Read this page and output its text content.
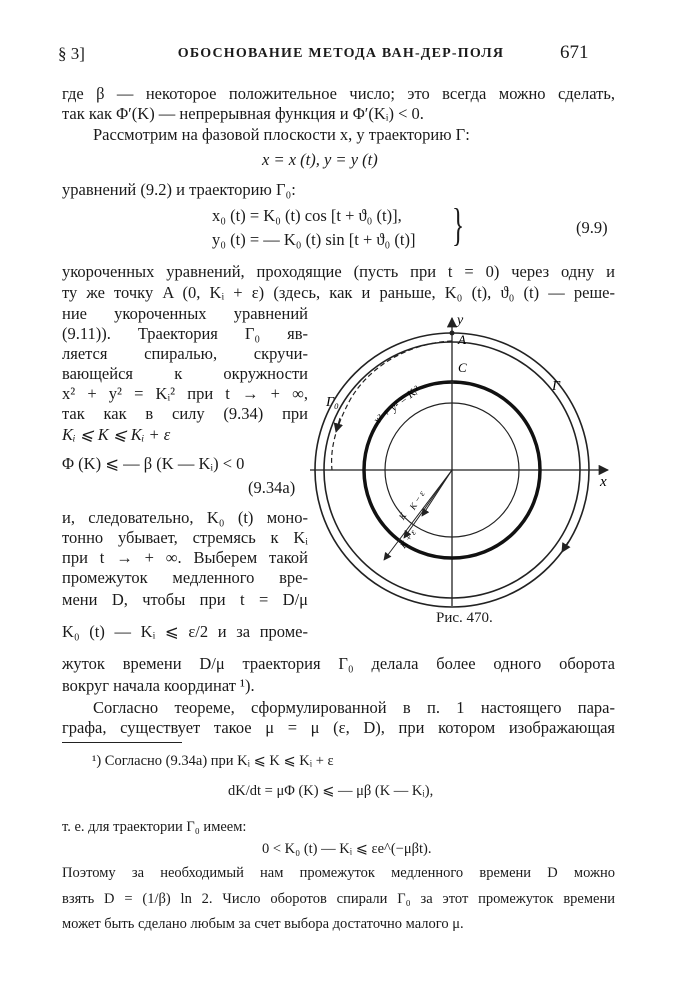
§ 3]	ОБОСНОВАНИЕ МЕТОДА ВАН-ДЕР-ПОЛЯ	671
где β — некоторое положительное число; это всегда можно сделать,
так как Φ′(K) — непрерывная функция и Φ′(Kᵢ) < 0.
Рассмотрим на фазовой плоскости x, y траекторию Γ:
x = x (t), y = y (t)
уравнений (9.2) и траекторию Γ₀:
x₀ (t) = K₀ (t) cos [t + ϑ₀ (t)],
y₀ (t) = — K₀ (t) sin [t + ϑ₀ (t)] }	(9.9)
укороченных уравнений, проходящие (пусть при t = 0) через одну и
ту же точку A (0, Kᵢ + ε) (здесь, как и раньше, K₀ (t), ϑ₀ (t) — реше-
ние укороченных уравнений
(9.11)). Траектория Γ₀ яв-
ляется спиралью, скручи-
вающейся к окружности
x² + y² = Kᵢ² при t → + ∞,
так как в силу (9.34) при
Kᵢ ⩽ K ⩽ Kᵢ + ε
Φ (K) ⩽ — β (K — Kᵢ) < 0
(9.34a)
и, следовательно, K₀ (t) моно-
тонно убывает, стремясь к Kᵢ
при t → + ∞. Выберем такой
промежуток медленного вре-
мени D, чтобы при t = D/μ
K₀ (t) — Kᵢ ⩽ ε/2 и за проме-
жуток времени D/μ траектория Γ₀ делала более одного оборота
вокруг начала координат ¹).
Согласно теореме, сформулированной в п. 1 настоящего пара-
графа, существует такое μ = μ (ε, D), при котором изображающая
¹) Согласно (9.34a) при Kᵢ ⩽ K ⩽ Kᵢ + ε
dK/dt = μΦ (K) ⩽ — μβ (K — Kᵢ),
т. е. для траектории Γ₀ имеем:
0 < K₀ (t) — Kᵢ ⩽ εe^(−μβt).
Поэтому за необходимый нам промежуток медленного времени D можно
взять D = (1/β) ln 2. Число оборотов спирали Γ₀ за этот промежуток времени
может быть сделано любым за счет выбора достаточно малого μ.
y
x
A
C
Γ
Γ₀	x² + y² = Kᵢ²
K − ε
K
K + ε
Рис. 470.
